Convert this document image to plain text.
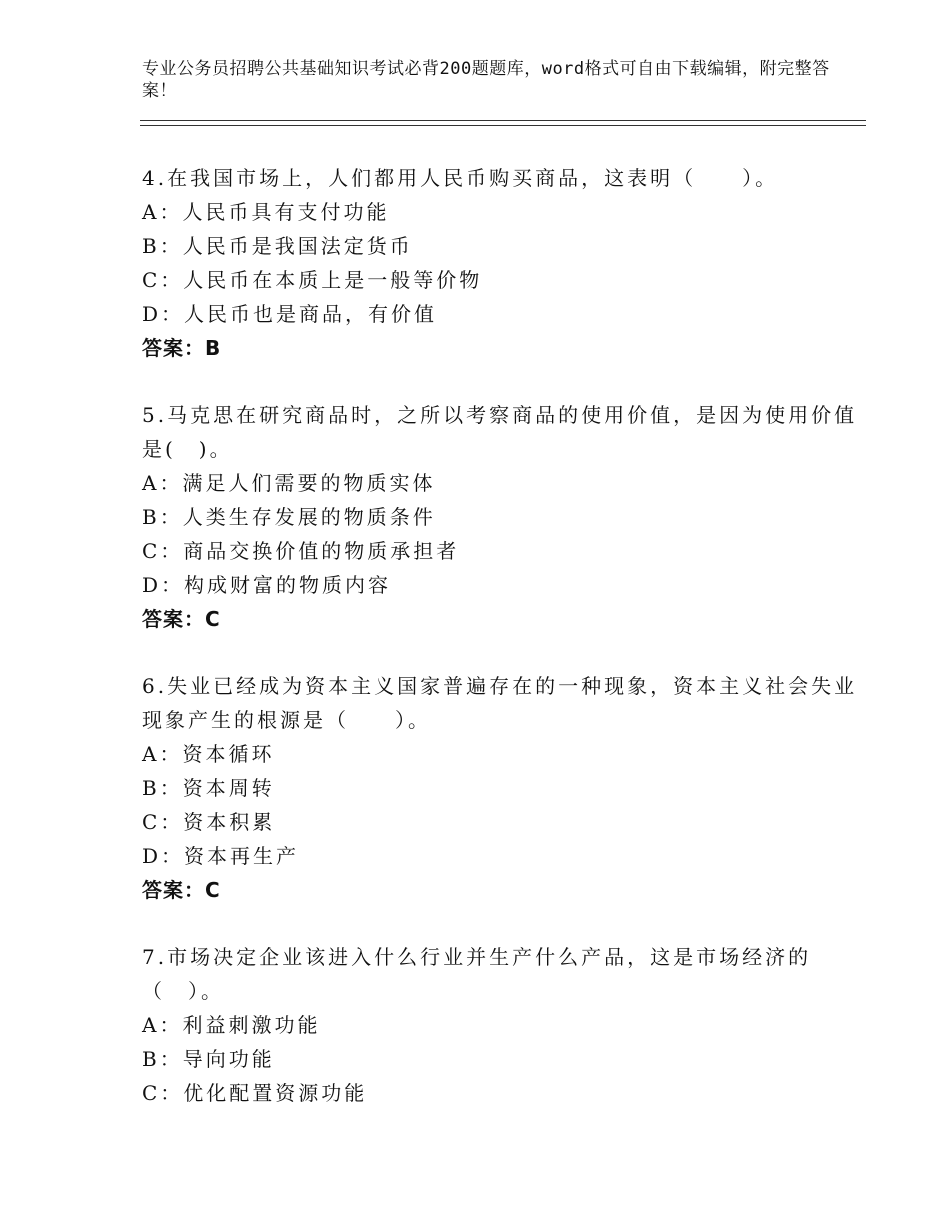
专业公务员招聘公共基础知识考试必背200题题库，word格式可自由下载编辑，附完整答案！

4.在我国市场上，人们都用人民币购买商品，这表明（　　）。

A：人民币具有支付功能

B：人民币是我国法定货币

C：人民币在本质上是一般等价物

D：人民币也是商品，有价值

答案：B

5.马克思在研究商品时，之所以考察商品的使用价值，是因为使用价值是(　)。

A：满足人们需要的物质实体

B：人类生存发展的物质条件

C：商品交换价值的物质承担者

D：构成财富的物质内容

答案：C

6.失业已经成为资本主义国家普遍存在的一种现象，资本主义社会失业现象产生的根源是（　　）。

A：资本循环

B：资本周转

C：资本积累

D：资本再生产

答案：C

7.市场决定企业该进入什么行业并生产什么产品，这是市场经济的（　）。

A：利益刺激功能

B：导向功能

C：优化配置资源功能
